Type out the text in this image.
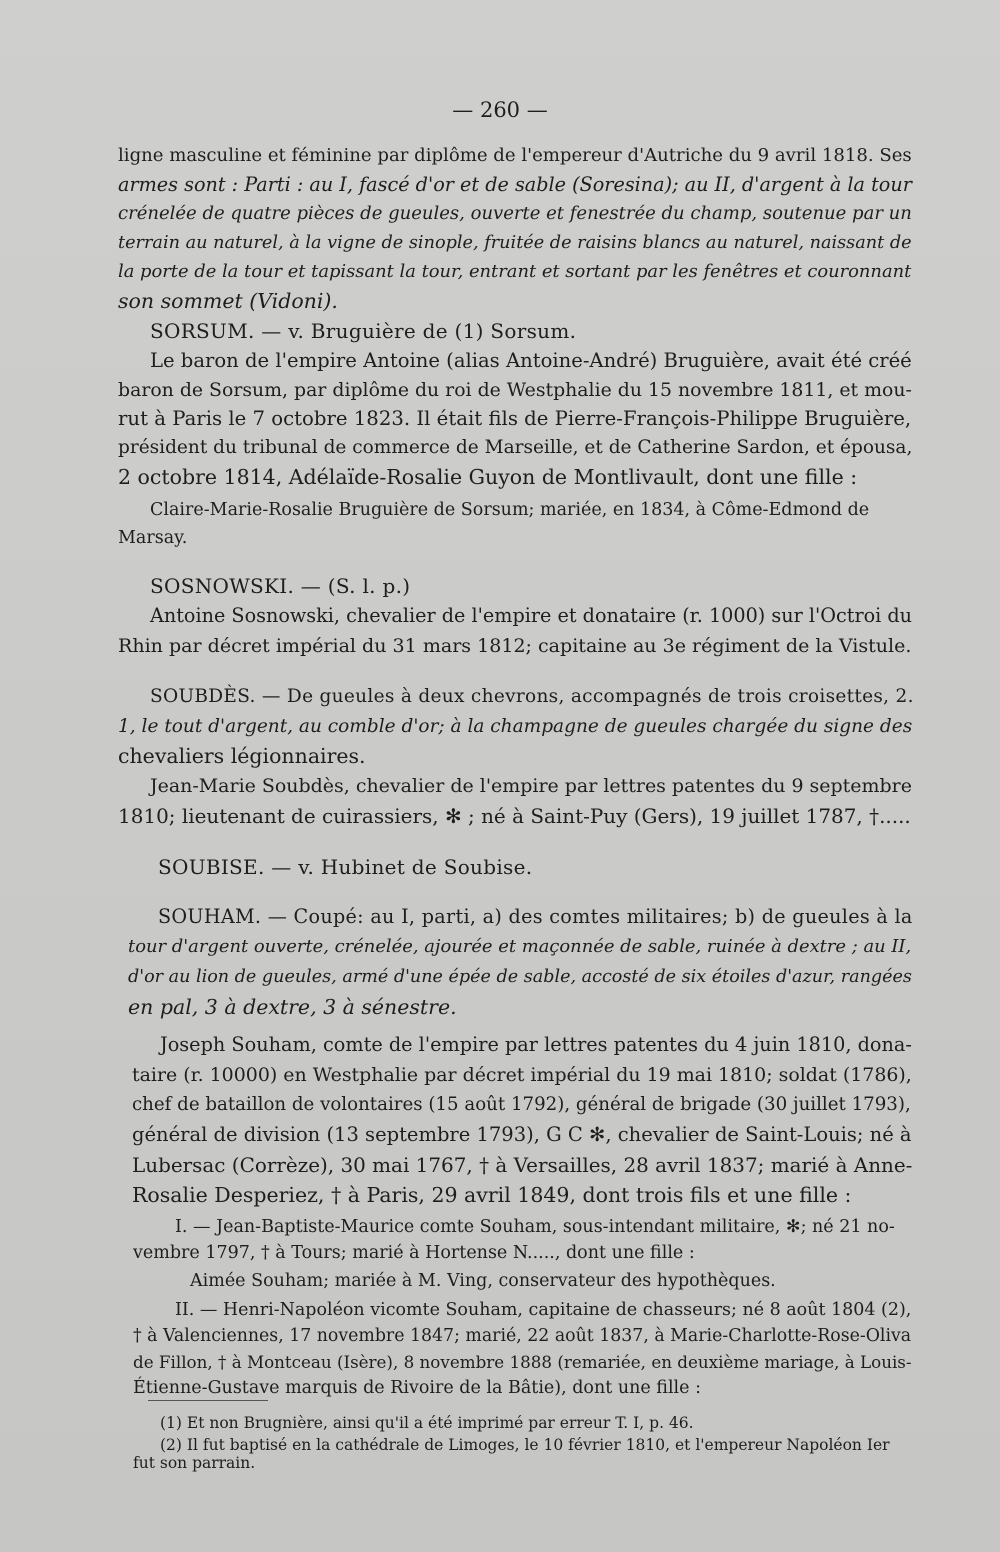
— 260 —
ligne masculine et féminine par diplôme de l'empereur d'Autriche du 9 avril 1818. Ses
armes sont : Parti : au I, fascé d'or et de sable (Soresina); au II, d'argent à la tour
crénelée de quatre pièces de gueules, ouverte et fenestrée du champ, soutenue par un
terrain au naturel, à la vigne de sinople, fruitée de raisins blancs au naturel, naissant de
la porte de la tour et tapissant la tour, entrant et sortant par les fenêtres et couronnant
son sommet (Vidoni).
SORSUM. — v. Bruguière de (1) Sorsum.
Le baron de l'empire Antoine (alias Antoine-André) Bruguière, avait été créé
baron de Sorsum, par diplôme du roi de Westphalie du 15 novembre 1811, et mou-
rut à Paris le 7 octobre 1823. Il était fils de Pierre-François-Philippe Bruguière,
président du tribunal de commerce de Marseille, et de Catherine Sardon, et épousa,
2 octobre 1814, Adélaïde-Rosalie Guyon de Montlivault, dont une fille :
Claire-Marie-Rosalie Bruguière de Sorsum; mariée, en 1834, à Côme-Edmond de
Marsay.
SOSNOWSKI. — (S. l. p.)
Antoine Sosnowski, chevalier de l'empire et donataire (r. 1000) sur l'Octroi du
Rhin par décret impérial du 31 mars 1812; capitaine au 3e régiment de la Vistule.
SOUBDÈS. — De gueules à deux chevrons, accompagnés de trois croisettes, 2.
1, le tout d'argent, au comble d'or; à la champagne de gueules chargée du signe des
chevaliers légionnaires.
Jean-Marie Soubdès, chevalier de l'empire par lettres patentes du 9 septembre
1810; lieutenant de cuirassiers, ✻ ; né à Saint-Puy (Gers), 19 juillet 1787, †.....
SOUBISE. — v. Hubinet de Soubise.
SOUHAM. — Coupé: au I, parti, a) des comtes militaires; b) de gueules à la
tour d'argent ouverte, crénelée, ajourée et maçonnée de sable, ruinée à dextre ; au II,
d'or au lion de gueules, armé d'une épée de sable, accosté de six étoiles d'azur, rangées
en pal, 3 à dextre, 3 à sénestre.
Joseph Souham, comte de l'empire par lettres patentes du 4 juin 1810, dona-
taire (r. 10000) en Westphalie par décret impérial du 19 mai 1810; soldat (1786),
chef de bataillon de volontaires (15 août 1792), général de brigade (30 juillet 1793),
général de division (13 septembre 1793), G C ✻, chevalier de Saint-Louis; né à
Lubersac (Corrèze), 30 mai 1767, † à Versailles, 28 avril 1837; marié à Anne-
Rosalie Desperiez, † à Paris, 29 avril 1849, dont trois fils et une fille :
I. — Jean-Baptiste-Maurice comte Souham, sous-intendant militaire, ✻; né 21 no-
vembre 1797, † à Tours; marié à Hortense N....., dont une fille :
Aimée Souham; mariée à M. Ving, conservateur des hypothèques.
II. — Henri-Napoléon vicomte Souham, capitaine de chasseurs; né 8 août 1804 (2),
† à Valenciennes, 17 novembre 1847; marié, 22 août 1837, à Marie-Charlotte-Rose-Oliva
de Fillon, † à Montceau (Isère), 8 novembre 1888 (remariée, en deuxième mariage, à Louis-
Étienne-Gustave marquis de Rivoire de la Bâtie), dont une fille :
(1) Et non Brugnière, ainsi qu'il a été imprimé par erreur T. I, p. 46.
(2) Il fut baptisé en la cathédrale de Limoges, le 10 février 1810, et l'empereur Napoléon Ier
fut son parrain.
